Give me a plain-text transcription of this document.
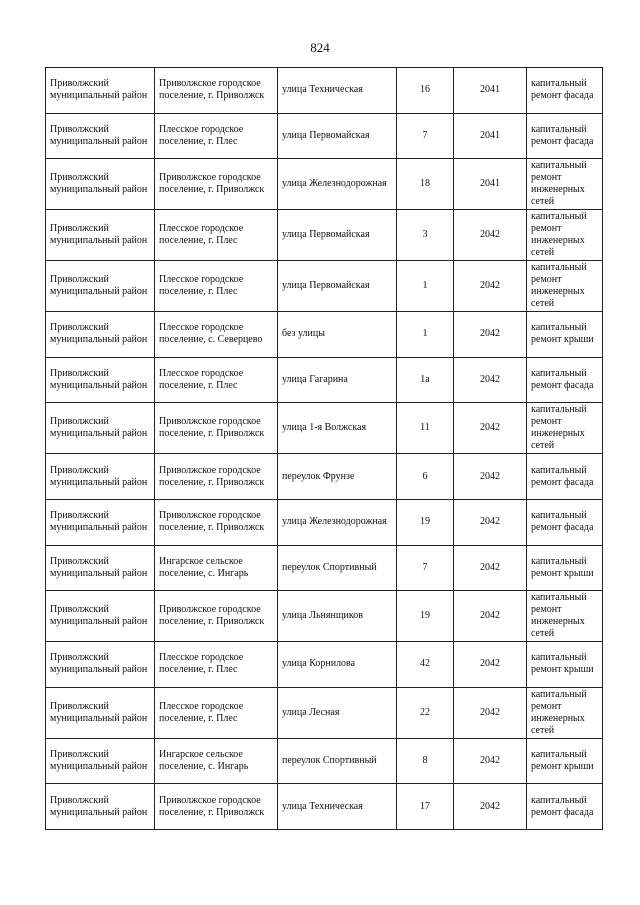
824
Приволжский муниципальный район	Приволжское городское поселение, г. Приволжск	улица Техническая	16	2041	капитальный ремонт фасада
Приволжский муниципальный район	Плесское городское поселение, г. Плес	улица Первомайская	7	2041	капитальный ремонт фасада
Приволжский муниципальный район	Приволжское городское поселение, г. Приволжск	улица Железнодорожная	18	2041	капитальный ремонт инженерных сетей
Приволжский муниципальный район	Плесское городское поселение, г. Плес	улица Первомайская	3	2042	капитальный ремонт инженерных сетей
Приволжский муниципальный район	Плесское городское поселение, г. Плес	улица Первомайская	1	2042	капитальный ремонт инженерных сетей
Приволжский муниципальный район	Плесское городское поселение, с. Северцево	без улицы	1	2042	капитальный ремонт крыши
Приволжский муниципальный район	Плесское городское поселение, г. Плес	улица Гагарина	1а	2042	капитальный ремонт фасада
Приволжский муниципальный район	Приволжское городское поселение, г. Приволжск	улица 1-я Волжская	11	2042	капитальный ремонт инженерных сетей
Приволжский муниципальный район	Приволжское городское поселение, г. Приволжск	переулок Фрунзе	6	2042	капитальный ремонт фасада
Приволжский муниципальный район	Приволжское городское поселение, г. Приволжск	улица Железнодорожная	19	2042	капитальный ремонт фасада
Приволжский муниципальный район	Ингарское сельское поселение, с. Ингарь	переулок Спортивный	7	2042	капитальный ремонт крыши
Приволжский муниципальный район	Приволжское городское поселение, г. Приволжск	улица Льнянщиков	19	2042	капитальный ремонт инженерных сетей
Приволжский муниципальный район	Плесское городское поселение, г. Плес	улица Корнилова	42	2042	капитальный ремонт крыши
Приволжский муниципальный район	Плесское городское поселение, г. Плес	улица Лесная	22	2042	капитальный ремонт инженерных сетей
Приволжский муниципальный район	Ингарское сельское поселение, с. Ингарь	переулок Спортивный	8	2042	капитальный ремонт крыши
Приволжский муниципальный район	Приволжское городское поселение, г. Приволжск	улица Техническая	17	2042	капитальный ремонт фасада
